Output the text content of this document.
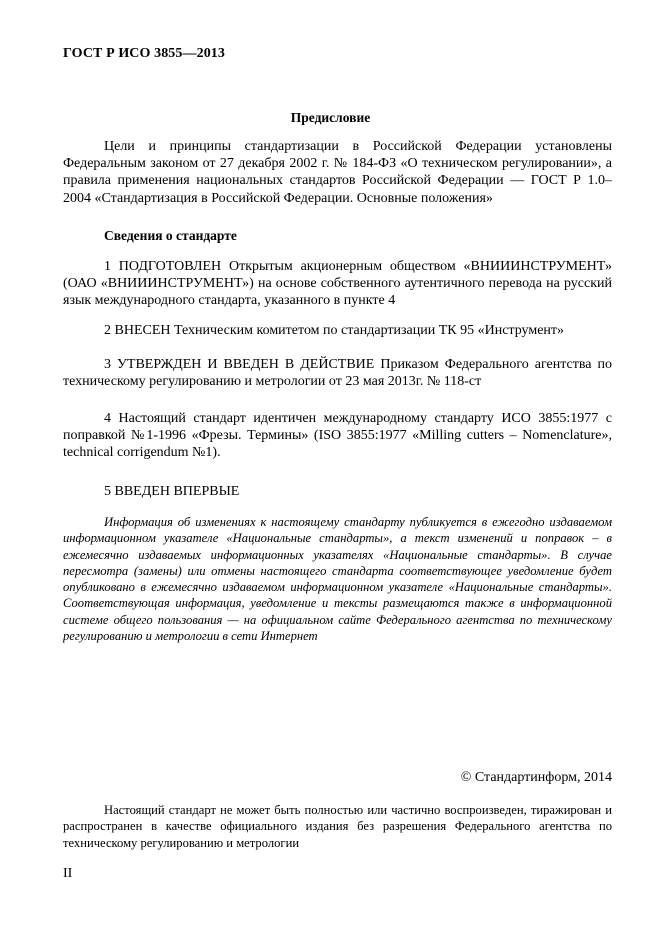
ГОСТ Р ИСО 3855—2013
Предисловие
Цели и принципы стандартизации в Российской Федерации установлены Федеральным законом от 27 декабря 2002 г. № 184-ФЗ «О техническом регулировании», а правила применения национальных стандартов Российской Федерации — ГОСТ Р 1.0–2004 «Стандартизация в Российской Федерации. Основные положения»
Сведения о стандарте
1 ПОДГОТОВЛЕН Открытым акционерным обществом «ВНИИИНСТРУМЕНТ» (ОАО «ВНИИИНСТРУМЕНТ») на основе собственного аутентичного перевода на русский язык международного стандарта, указанного в пункте 4
2 ВНЕСЕН Техническим комитетом по стандартизации ТК 95 «Инструмент»
3 УТВЕРЖДЕН И ВВЕДЕН В ДЕЙСТВИЕ Приказом Федерального агентства по техническому регулированию и метрологии от 23 мая 2013г. № 118-ст
4 Настоящий стандарт идентичен международному стандарту ИСО 3855:1977 с поправкой №1-1996 «Фрезы. Термины» (ISO 3855:1977 «Milling cutters – Nomenclature», technical corrigendum №1).
5 ВВЕДЕН ВПЕРВЫЕ
Информация об изменениях к настоящему стандарту публикуется в ежегодно издаваемом информационном указателе «Национальные стандарты», а текст изменений и поправок – в ежемесячно издаваемых информационных указателях «Национальные стандарты». В случае пересмотра (замены) или отмены настоящего стандарта соответствующее уведомление будет опубликовано в ежемесячно издаваемом информационном указателе «Национальные стандарты». Соответствующая информация, уведомление и тексты размещаются также в информационной системе общего пользования — на официальном сайте Федерального агентства по техническому регулированию и метрологии в сети Интернет
© Стандартинформ, 2014
Настоящий стандарт не может быть полностью или частично воспроизведен, тиражирован и распространен в качестве официального издания без разрешения Федерального агентства по техническому регулированию и метрологии
II
